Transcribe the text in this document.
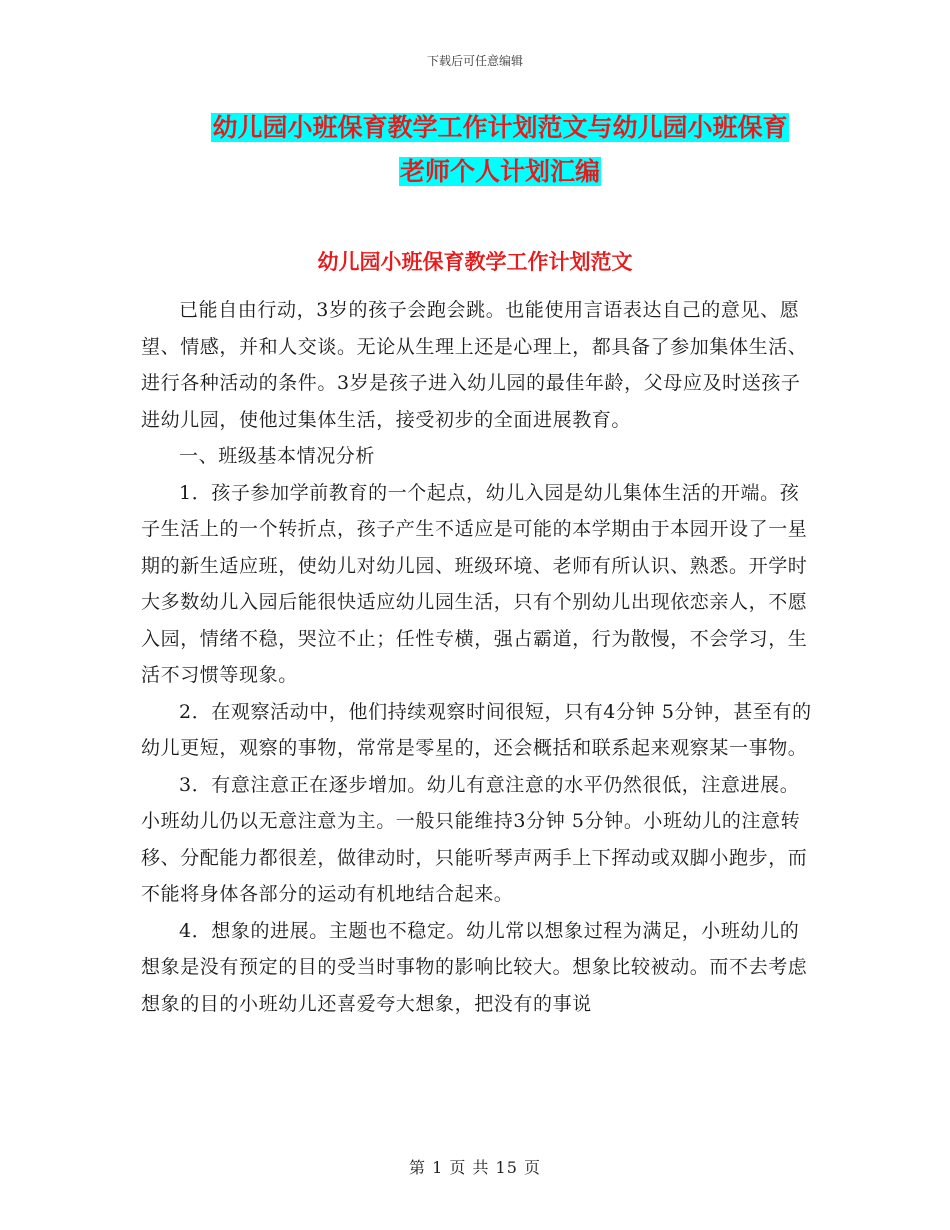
下载后可任意编辑
幼儿园小班保育教学工作计划范文与幼儿园小班保育
老师个人计划汇编
幼儿园小班保育教学工作计划范文

已能自由行动，3岁的孩子会跑会跳。也能使用言语表达自己的意见、愿望、情感，并和人交谈。无论从生理上还是心理上，都具备了参加集体生活、进行各种活动的条件。3岁是孩子进入幼儿园的最佳年龄，父母应及时送孩子进幼儿园，使他过集体生活，接受初步的全面进展教育。

一、班级基本情况分析

1．孩子参加学前教育的一个起点，幼儿入园是幼儿集体生活的开端。孩子生活上的一个转折点，孩子产生不适应是可能的本学期由于本园开设了一星期的新生适应班，使幼儿对幼儿园、班级环境、老师有所认识、熟悉。开学时大多数幼儿入园后能很快适应幼儿园生活，只有个别幼儿出现依恋亲人，不愿入园，情绪不稳，哭泣不止；任性专横，强占霸道，行为散慢，不会学习，生活不习惯等现象。

2．在观察活动中，他们持续观察时间很短，只有4分钟 5分钟，甚至有的幼儿更短，观察的事物，常常是零星的，还会概括和联系起来观察某一事物。

3．有意注意正在逐步增加。幼儿有意注意的水平仍然很低，注意进展。小班幼儿仍以无意注意为主。一般只能维持3分钟 5分钟。小班幼儿的注意转移、分配能力都很差，做律动时，只能听琴声两手上下挥动或双脚小跑步，而不能将身体各部分的运动有机地结合起来。

4．想象的进展。主题也不稳定。幼儿常以想象过程为满足，小班幼儿的想象是没有预定的目的受当时事物的影响比较大。想象比较被动。而不去考虑想象的目的小班幼儿还喜爱夸大想象，把没有的事说

第 1 页 共 15 页
